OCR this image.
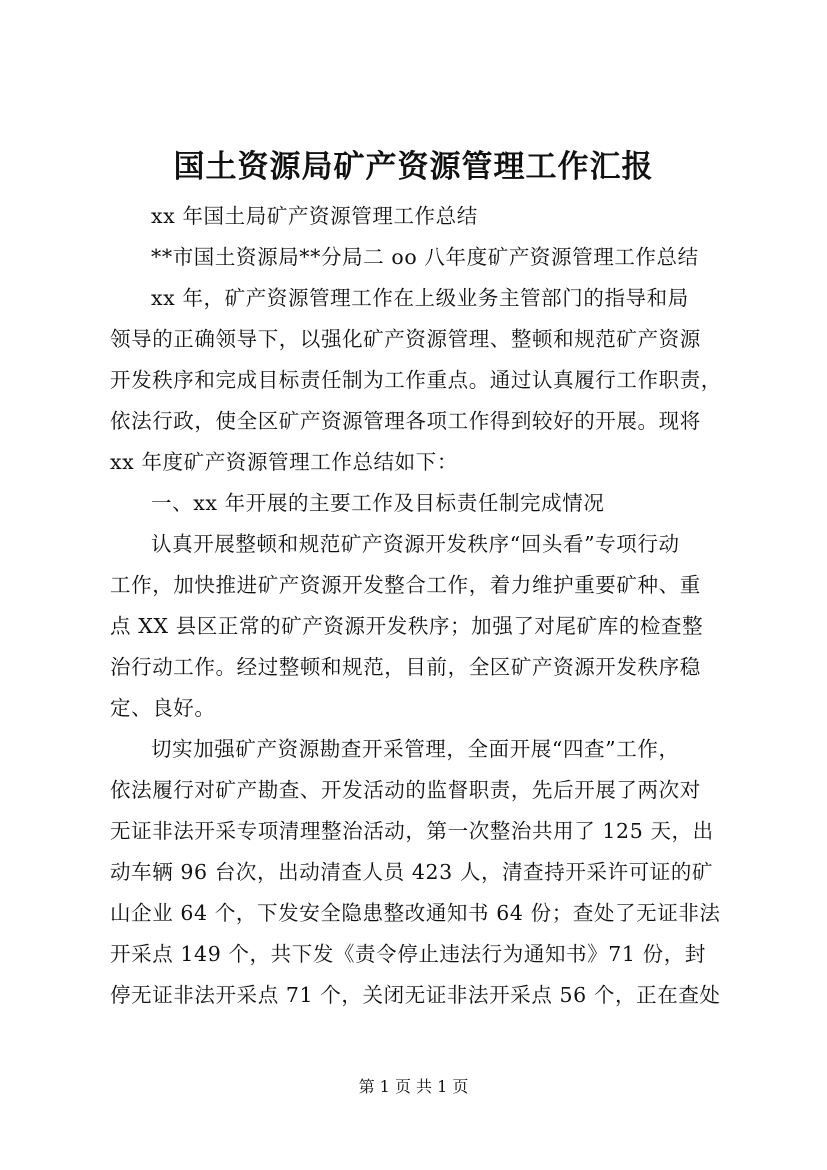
国土资源局矿产资源管理工作汇报

xx 年国土局矿产资源管理工作总结

**市国土资源局**分局二 oo 八年度矿产资源管理工作总结

xx 年，矿产资源管理工作在上级业务主管部门的指导和局

领导的正确领导下，以强化矿产资源管理、整顿和规范矿产资源

开发秩序和完成目标责任制为工作重点。通过认真履行工作职责，

依法行政，使全区矿产资源管理各项工作得到较好的开展。现将

xx 年度矿产资源管理工作总结如下：

一、xx 年开展的主要工作及目标责任制完成情况

认真开展整顿和规范矿产资源开发秩序“回头看”专项行动

工作，加快推进矿产资源开发整合工作，着力维护重要矿种、重

点 XX 县区正常的矿产资源开发秩序；加强了对尾矿库的检查整

治行动工作。经过整顿和规范，目前，全区矿产资源开发秩序稳

定、良好。

切实加强矿产资源勘查开采管理，全面开展“四查”工作，

依法履行对矿产勘查、开发活动的监督职责，先后开展了两次对

无证非法开采专项清理整治活动，第一次整治共用了 125 天，出

动车辆 96 台次，出动清查人员 423 人，清查持开采许可证的矿

山企业 64 个，下发安全隐患整改通知书 64 份；查处了无证非法

开采点 149 个，共下发《责令停止违法行为通知书》71 份，封

停无证非法开采点 71 个，关闭无证非法开采点 56 个，正在查处

第 1 页 共 1 页
